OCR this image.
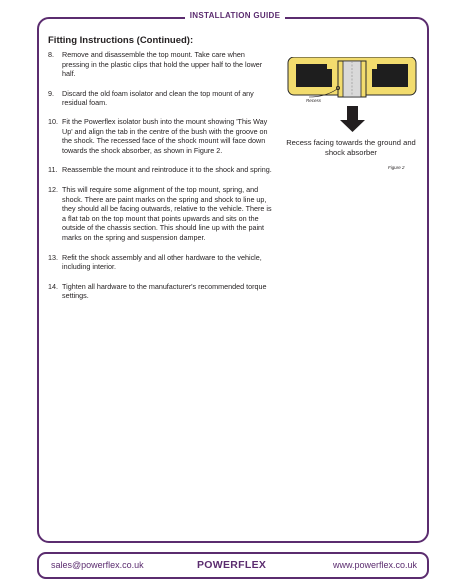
INSTALLATION GUIDE
Fitting Instructions (Continued):
8.	Remove and disassemble the top mount. Take care when pressing in the plastic clips that hold the upper half to the lower half.
9.	Discard the old foam isolator and clean the top mount of any residual foam.
10. Fit the Powerflex isolator bush into the mount showing 'This Way Up' and align the tab in the centre of the bush with the groove on the shock. The recessed face of the shock mount will face down towards the shock absorber, as shown in Figure 2.
11. Reassemble the mount and reintroduce it to the shock and spring.
12. This will require some alignment of the top mount, spring, and shock. There are paint marks on the spring and shock to line up, they should all be facing outwards, relative to the vehicle. There is a flat tab on the top mount that points upwards and sits on the outside of the chassis section. This should line up with the paint marks on the spring and suspension damper.
13. Refit the shock assembly and all other hardware to the vehicle, including interior.
14. Tighten all hardware to the manufacturer's recommended torque settings.
Recess
Recess facing towards the ground and shock absorber
Figure 2
sales@powerflex.co.uk	POWERFLEX	www.powerflex.co.uk
